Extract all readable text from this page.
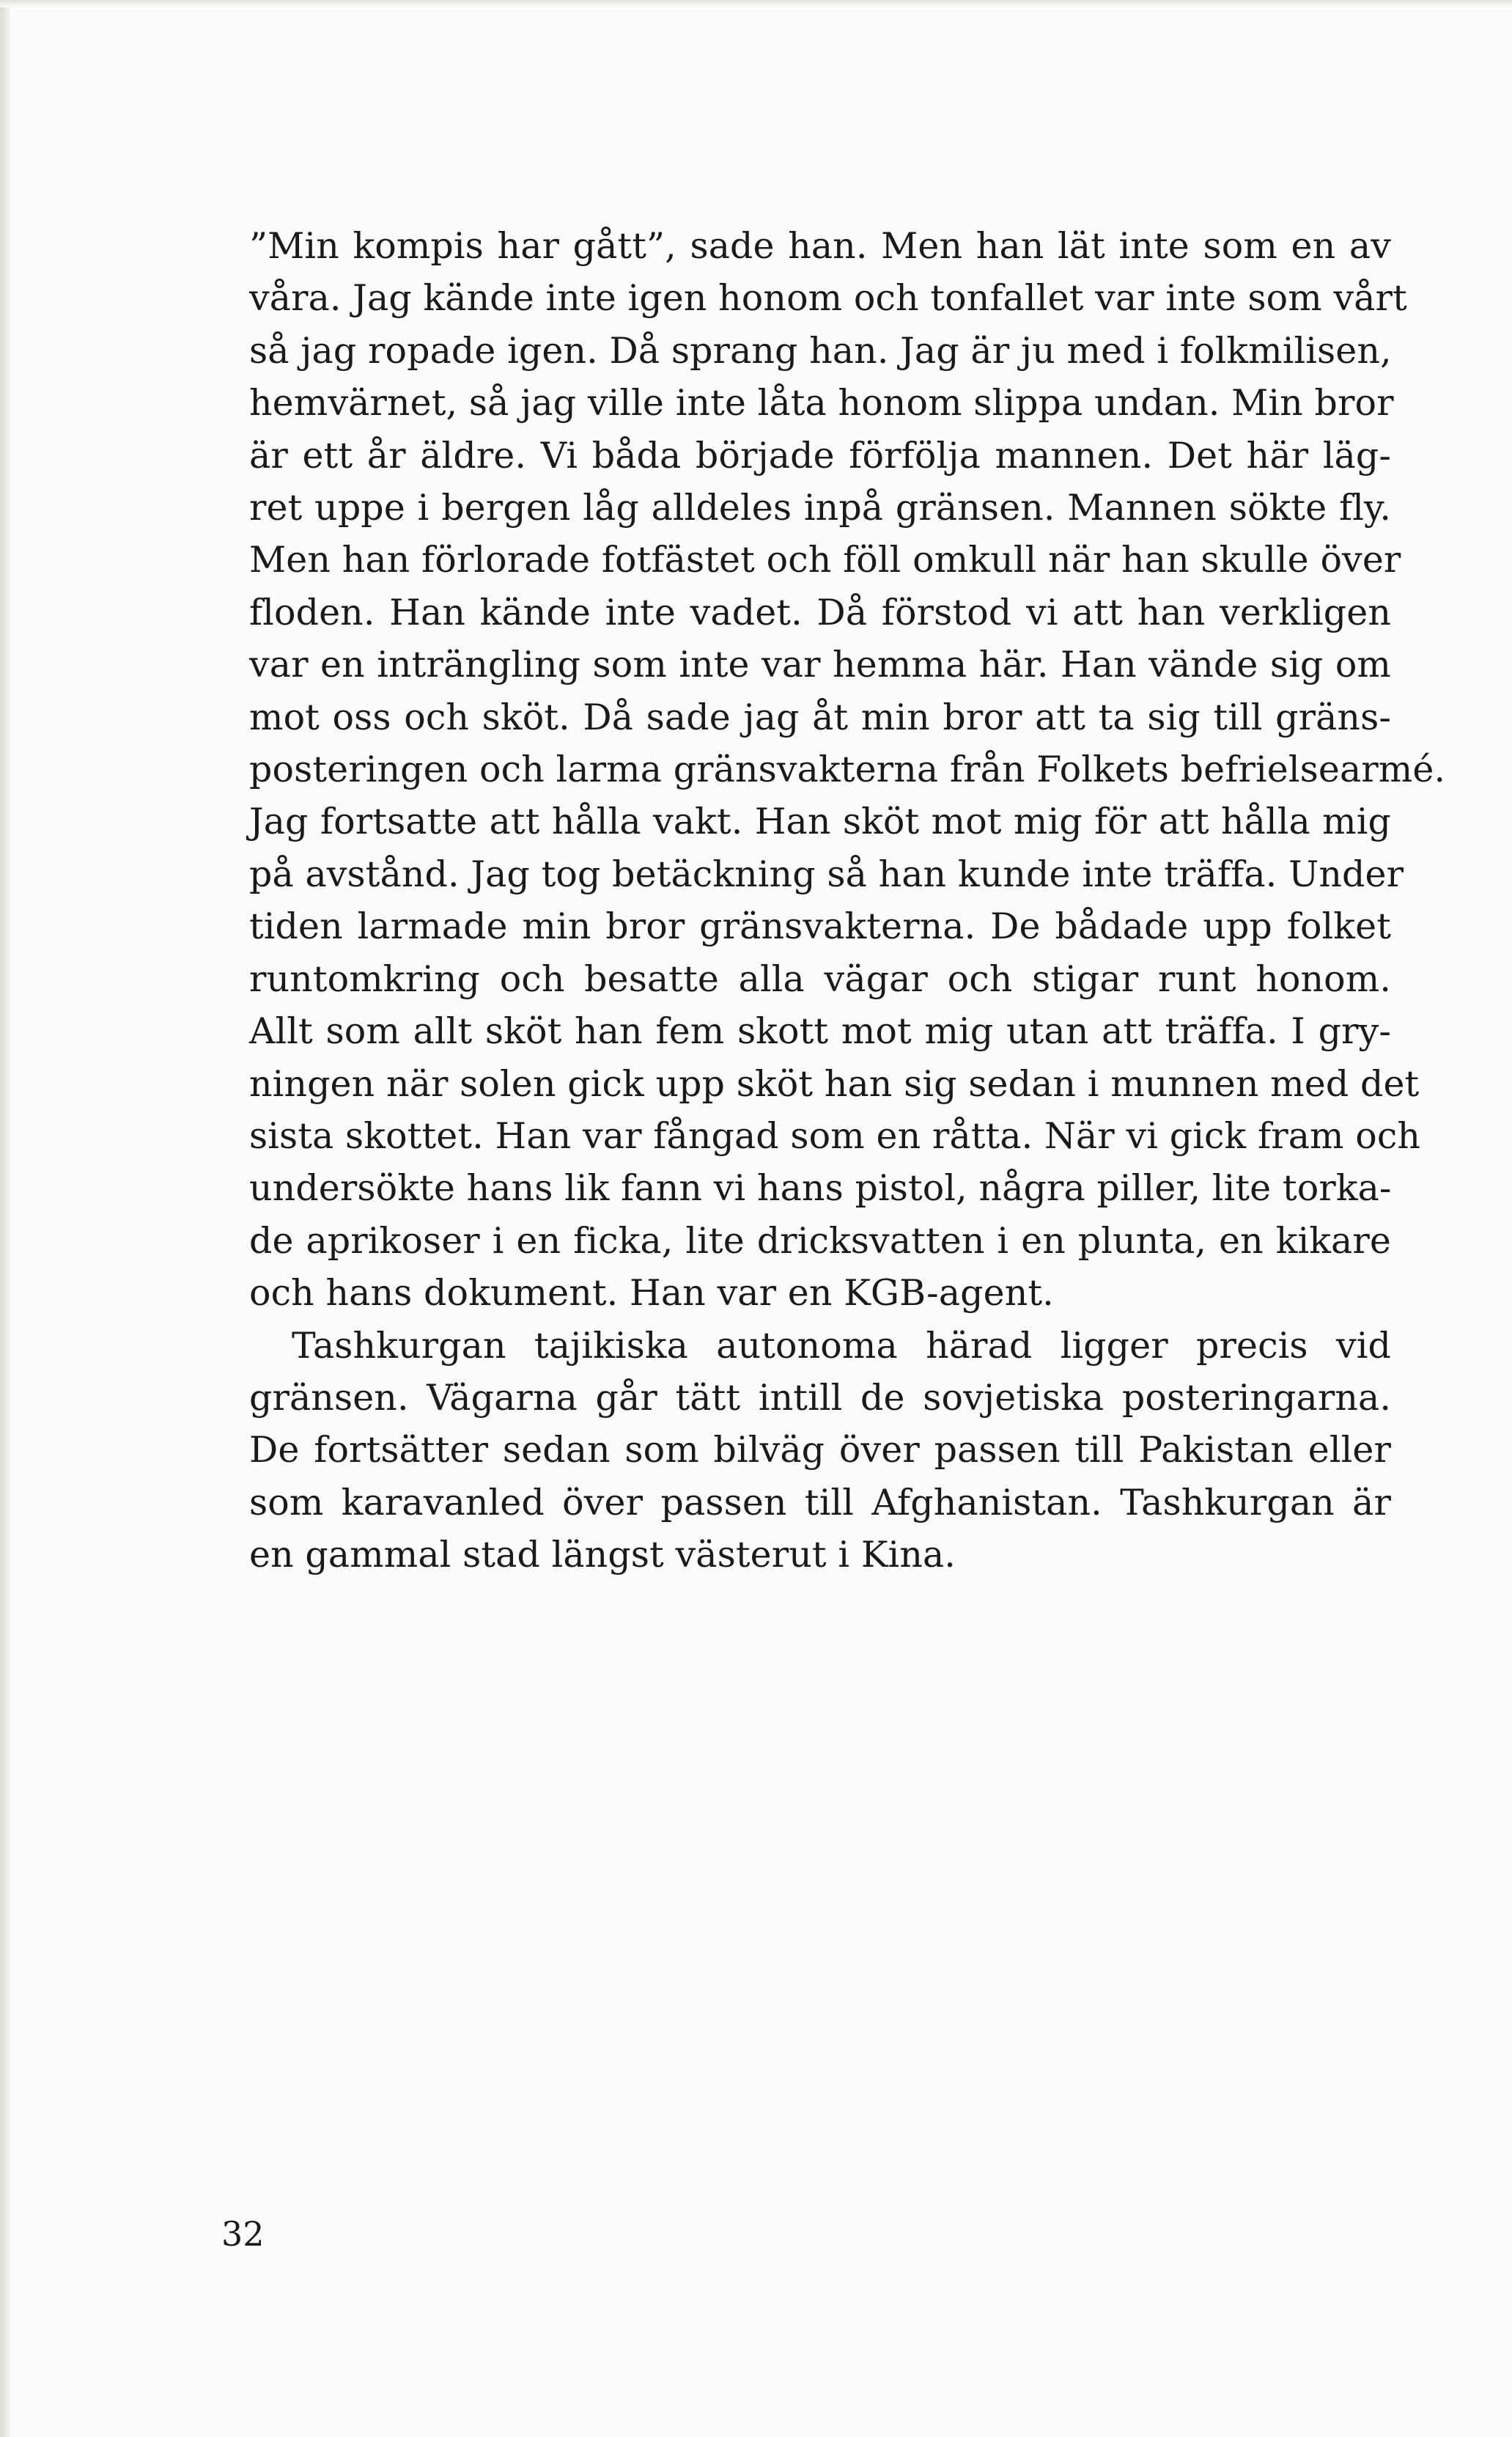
”Min kompis har gått”, sade han. Men han lät inte som en av
våra. Jag kände inte igen honom och tonfallet var inte som vårt
så jag ropade igen. Då sprang han. Jag är ju med i folkmilisen,
hemvärnet, så jag ville inte låta honom slippa undan. Min bror
är ett år äldre. Vi båda började förfölja mannen. Det här läg-
ret uppe i bergen låg alldeles inpå gränsen. Mannen sökte fly.
Men han förlorade fotfästet och föll omkull när han skulle över
floden. Han kände inte vadet. Då förstod vi att han verkligen
var en inträngling som inte var hemma här. Han vände sig om
mot oss och sköt. Då sade jag åt min bror att ta sig till gräns-
posteringen och larma gränsvakterna från Folkets befrielsearmé.
Jag fortsatte att hålla vakt. Han sköt mot mig för att hålla mig
på avstånd. Jag tog betäckning så han kunde inte träffa. Under
tiden larmade min bror gränsvakterna. De bådade upp folket
runtomkring och besatte alla vägar och stigar runt honom.
Allt som allt sköt han fem skott mot mig utan att träffa. I gry-
ningen när solen gick upp sköt han sig sedan i munnen med det
sista skottet. Han var fångad som en råtta. När vi gick fram och
undersökte hans lik fann vi hans pistol, några piller, lite torka-
de aprikoser i en ficka, lite dricksvatten i en plunta, en kikare
och hans dokument. Han var en KGB-agent.
Tashkurgan tajikiska autonoma härad ligger precis vid
gränsen. Vägarna går tätt intill de sovjetiska posteringarna.
De fortsätter sedan som bilväg över passen till Pakistan eller
som karavanled över passen till Afghanistan. Tashkurgan är
en gammal stad längst västerut i Kina.
32
